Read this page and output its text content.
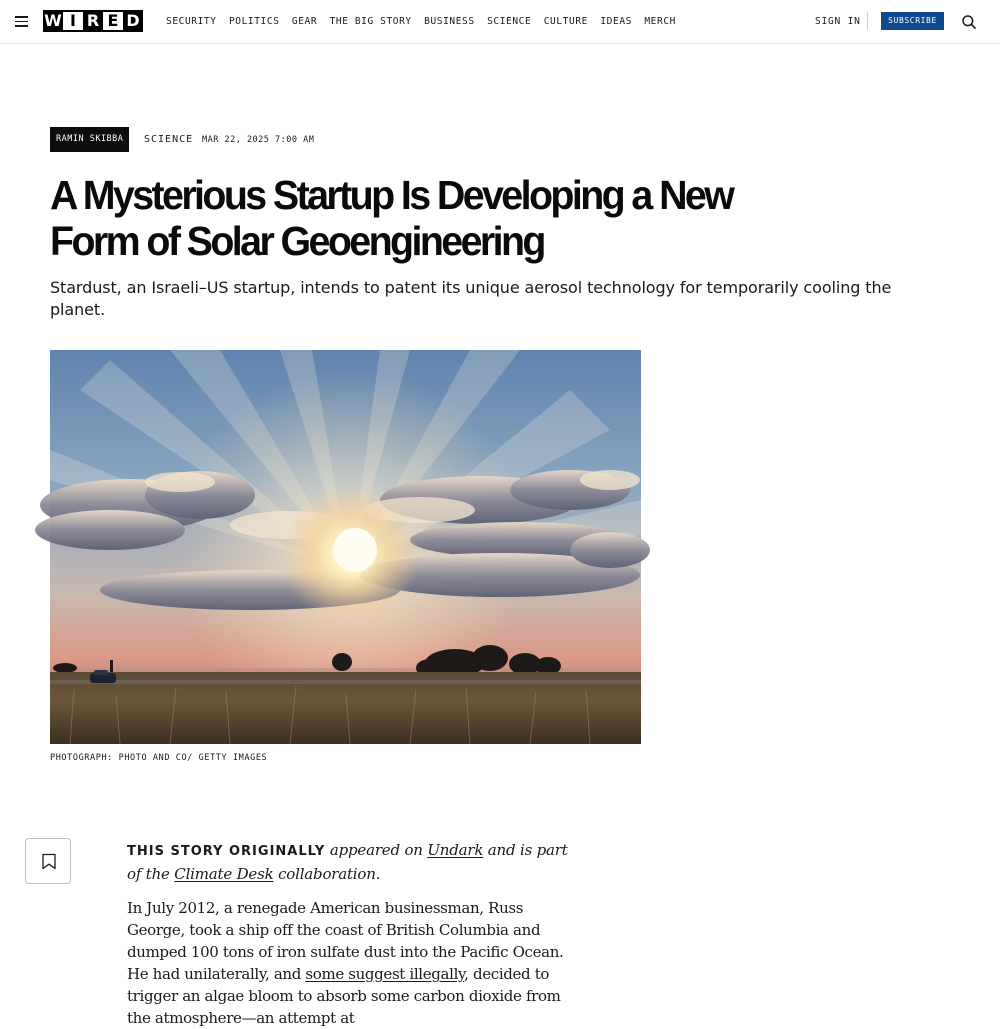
W I R E D	SECURITY POLITICS GEAR THE BIG STORY BUSINESS SCIENCE CULTURE IDEAS MERCH	SIGN IN	SUBSCRIBE
RAMIN SKIBBA	SCIENCE MAR 22, 2025 7:00 AM
A Mysterious Startup Is Developing a New Form of Solar Geoengineering

Stardust, an Israeli–US startup, intends to patent its unique aerosol technology for temporarily cooling the planet.

PHOTOGRAPH: PHOTO AND CO/ GETTY IMAGES

THIS STORY ORIGINALLY appeared on Undark and is part of the Climate Desk collaboration.

In July 2012, a renegade American businessman, Russ George, took a ship off the coast of British Columbia and dumped 100 tons of iron sulfate dust into the Pacific Ocean. He had unilaterally, and some suggest illegally, decided to trigger an algae bloom to absorb some carbon dioxide from the atmosphere—an attempt at
